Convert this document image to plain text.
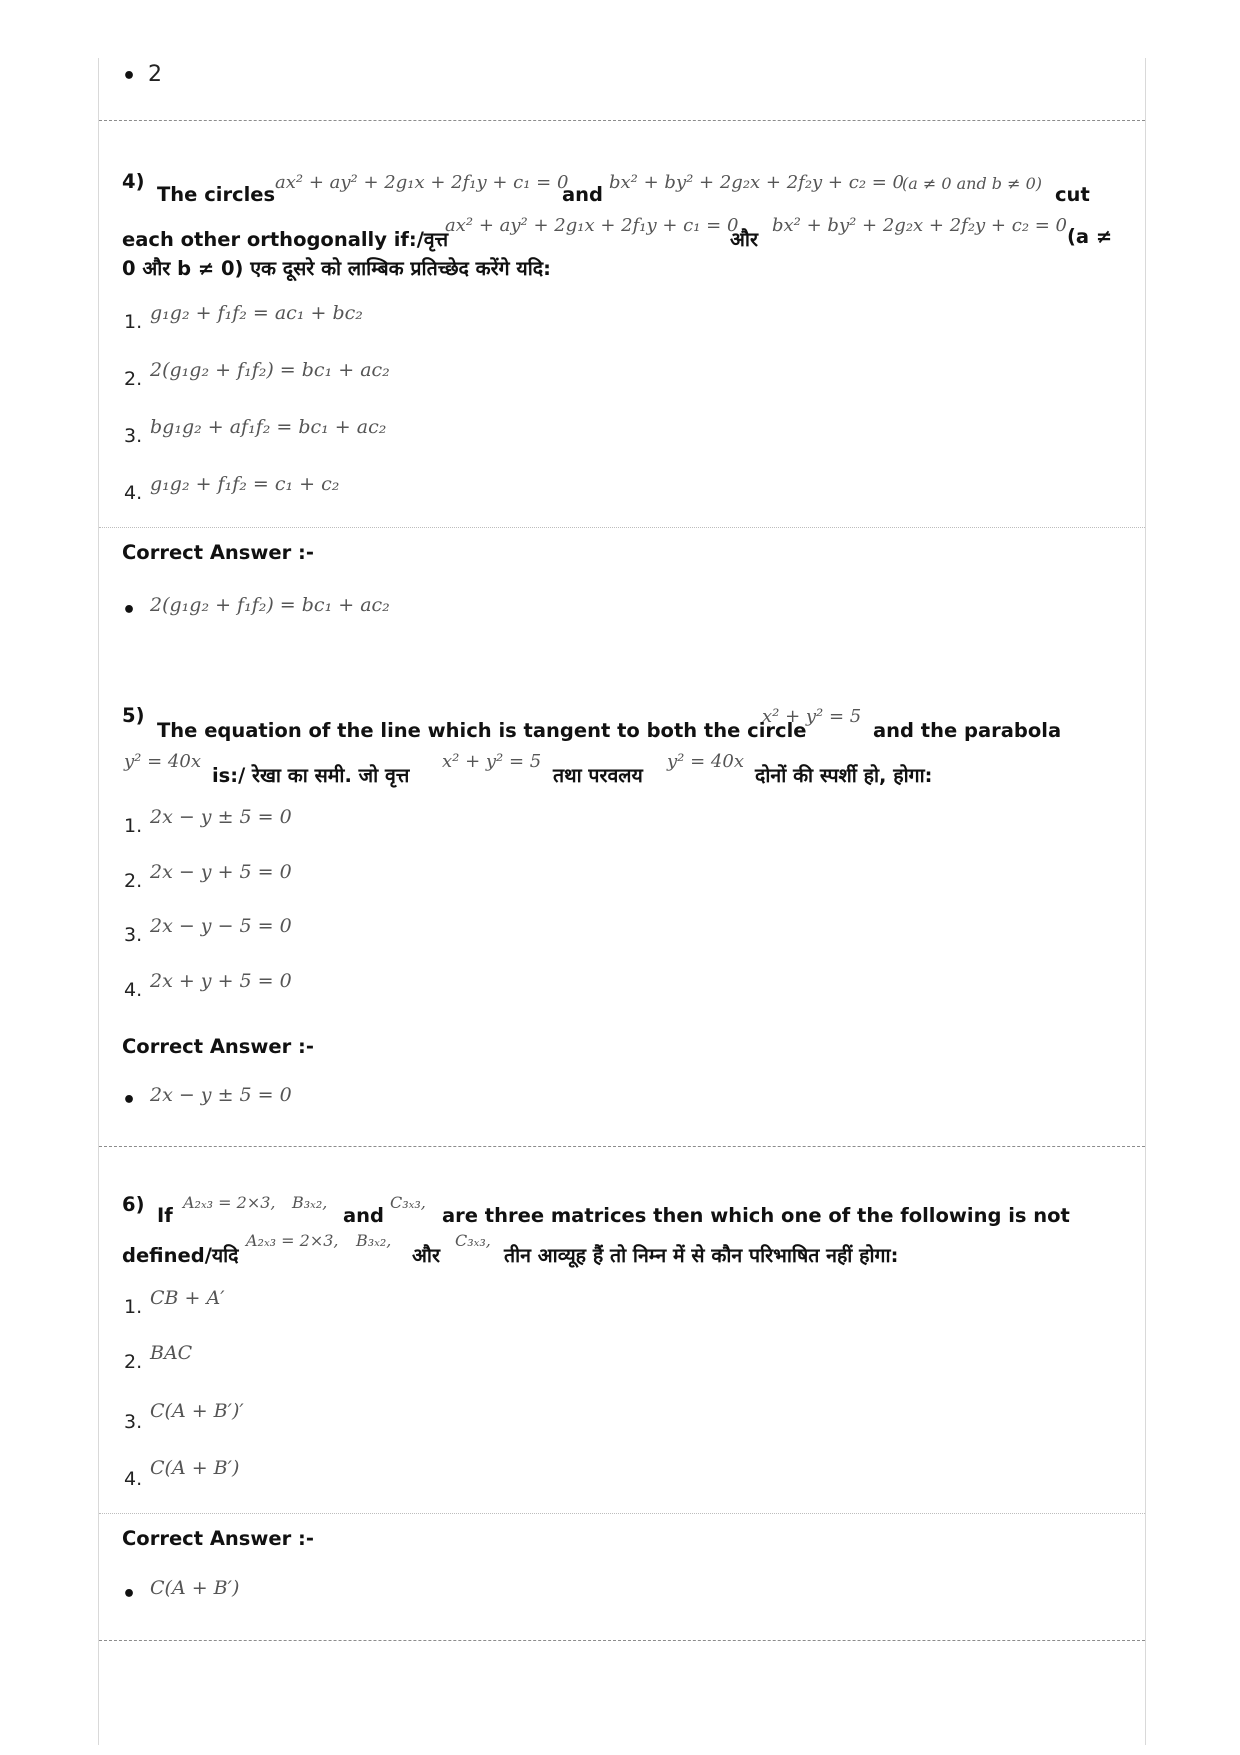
• 2
4)
The circles
ax² + ay² + 2g₁x + 2f₁y + c₁ = 0
and
bx² + by² + 2g₂x + 2f₂y + c₂ = 0
(a ≠ 0 and b ≠ 0) cut
each other orthogonally if:/वृत्त
ax² + ay² + 2g₁x + 2f₁y + c₁ = 0
और
bx² + by² + 2g₂x + 2f₂y + c₂ = 0 (a ≠
0 और b ≠ 0) एक दूसरे को लाम्बिक प्रतिच्छेद करेंगे यदि:
1. g₁g₂ + f₁f₂ = ac₁ + bc₂
2. 2(g₁g₂ + f₁f₂) = bc₁ + ac₂
3. bg₁g₂ + af₁f₂ = bc₁ + ac₂
4. g₁g₂ + f₁f₂ = c₁ + c₂
Correct Answer :-
• 2(g₁g₂ + f₁f₂) = bc₁ + ac₂
5)
The equation of the line which is tangent to both the circle
x² + y² = 5
and the parabola
y² = 40x
is:/ रेखा का समी. जो वृत्त
x² + y² = 5
तथा परवलय
y² = 40x
दोनों की स्पर्शी हो, होगा:
1. 2x − y ± 5 = 0
2. 2x − y + 5 = 0
3. 2x − y − 5 = 0
4. 2x + y + 5 = 0
Correct Answer :-
• 2x − y ± 5 = 0
6) If
A₂ₓ₃ = 2×3, B₃ₓ₂,
and
C₃ₓ₃,
are three matrices then which one of the following is not
defined/यदि
A₂ₓ₃ = 2×3, B₃ₓ₂,
और
C₃ₓ₃,
तीन आव्यूह हैं तो निम्न में से कौन परिभाषित नहीं होगा:
1. CB + A′
2. BAC
3. C(A + B′)′
4. C(A + B′)
Correct Answer :-
• C(A + B′)
